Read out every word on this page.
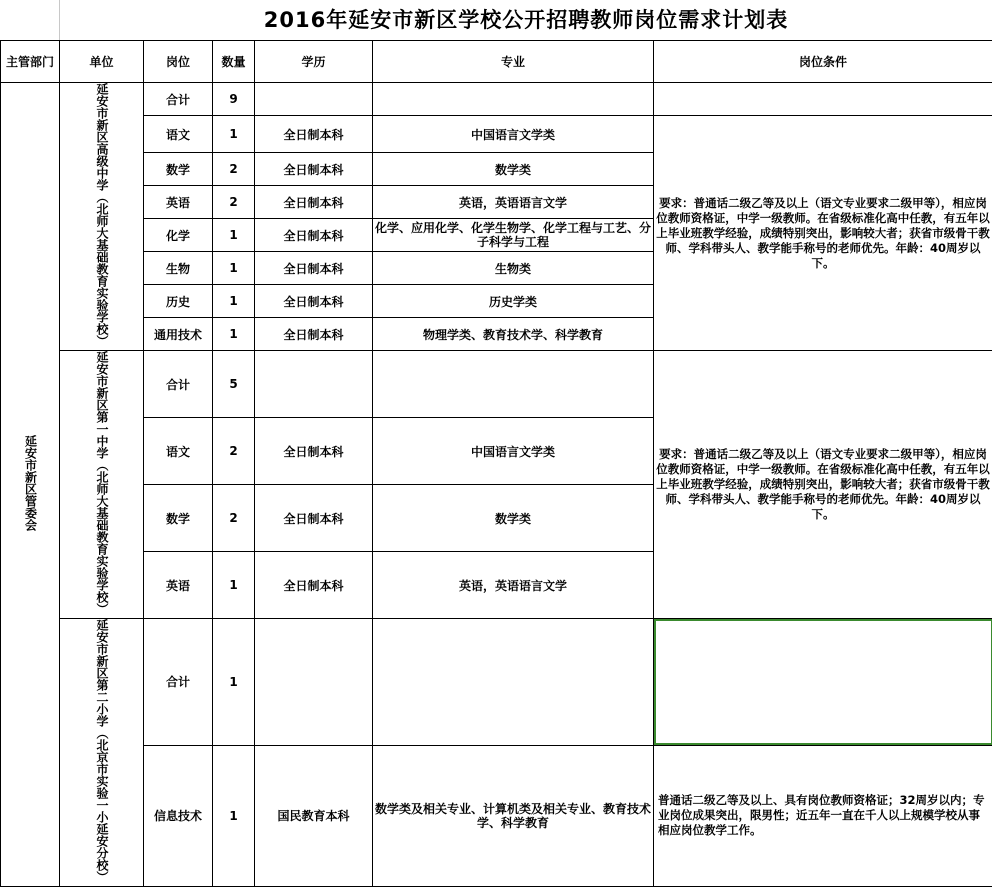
2016年延安市新区学校公开招聘教师岗位需求计划表
主管部门	单位	岗位	数量	学历	专业	岗位条件
延安市新区管委会	延安市新区高级中学（北师大基础教育实验学校）	合计	9			
		语文	1	全日制本科	中国语言文学类	要求：普通话二级乙等及以上（语文专业要求二级甲等），相应岗位教师资格证，中学一级教师。在省级标准化高中任教，有五年以上毕业班教学经验，成绩特别突出，影响较大者；获省市级骨干教师、学科带头人、教学能手称号的老师优先。年龄：40周岁以下。
		数学	2	全日制本科	数学类	
		英语	2	全日制本科	英语，英语语言文学	
		化学	1	全日制本科	化学、应用化学、化学生物学、化学工程与工艺、分子科学与工程	
		生物	1	全日制本科	生物类	
		历史	1	全日制本科	历史学类	
		通用技术	1	全日制本科	物理学类、教育技术学、科学教育	
	延安市新区第一中学（北师大基础教育实验学校）	合计	5			要求：普通话二级乙等及以上（语文专业要求二级甲等），相应岗位教师资格证，中学一级教师。在省级标准化高中任教，有五年以上毕业班教学经验，成绩特别突出，影响较大者；获省市级骨干教师、学科带头人、教学能手称号的老师优先。年龄：40周岁以下。
		语文	2	全日制本科	中国语言文学类	
		数学	2	全日制本科	数学类	
		英语	1	全日制本科	英语，英语语言文学	
	延安市新区第二小学（北京市实验一小延安分校）	合计	1			
		信息技术	1	国民教育本科	数学类及相关专业、计算机类及相关专业、教育技术学、科学教育	普通话二级乙等及以上、具有岗位教师资格证；32周岁以内；专业岗位成果突出，限男性；近五年一直在千人以上规模学校从事相应岗位教学工作。
